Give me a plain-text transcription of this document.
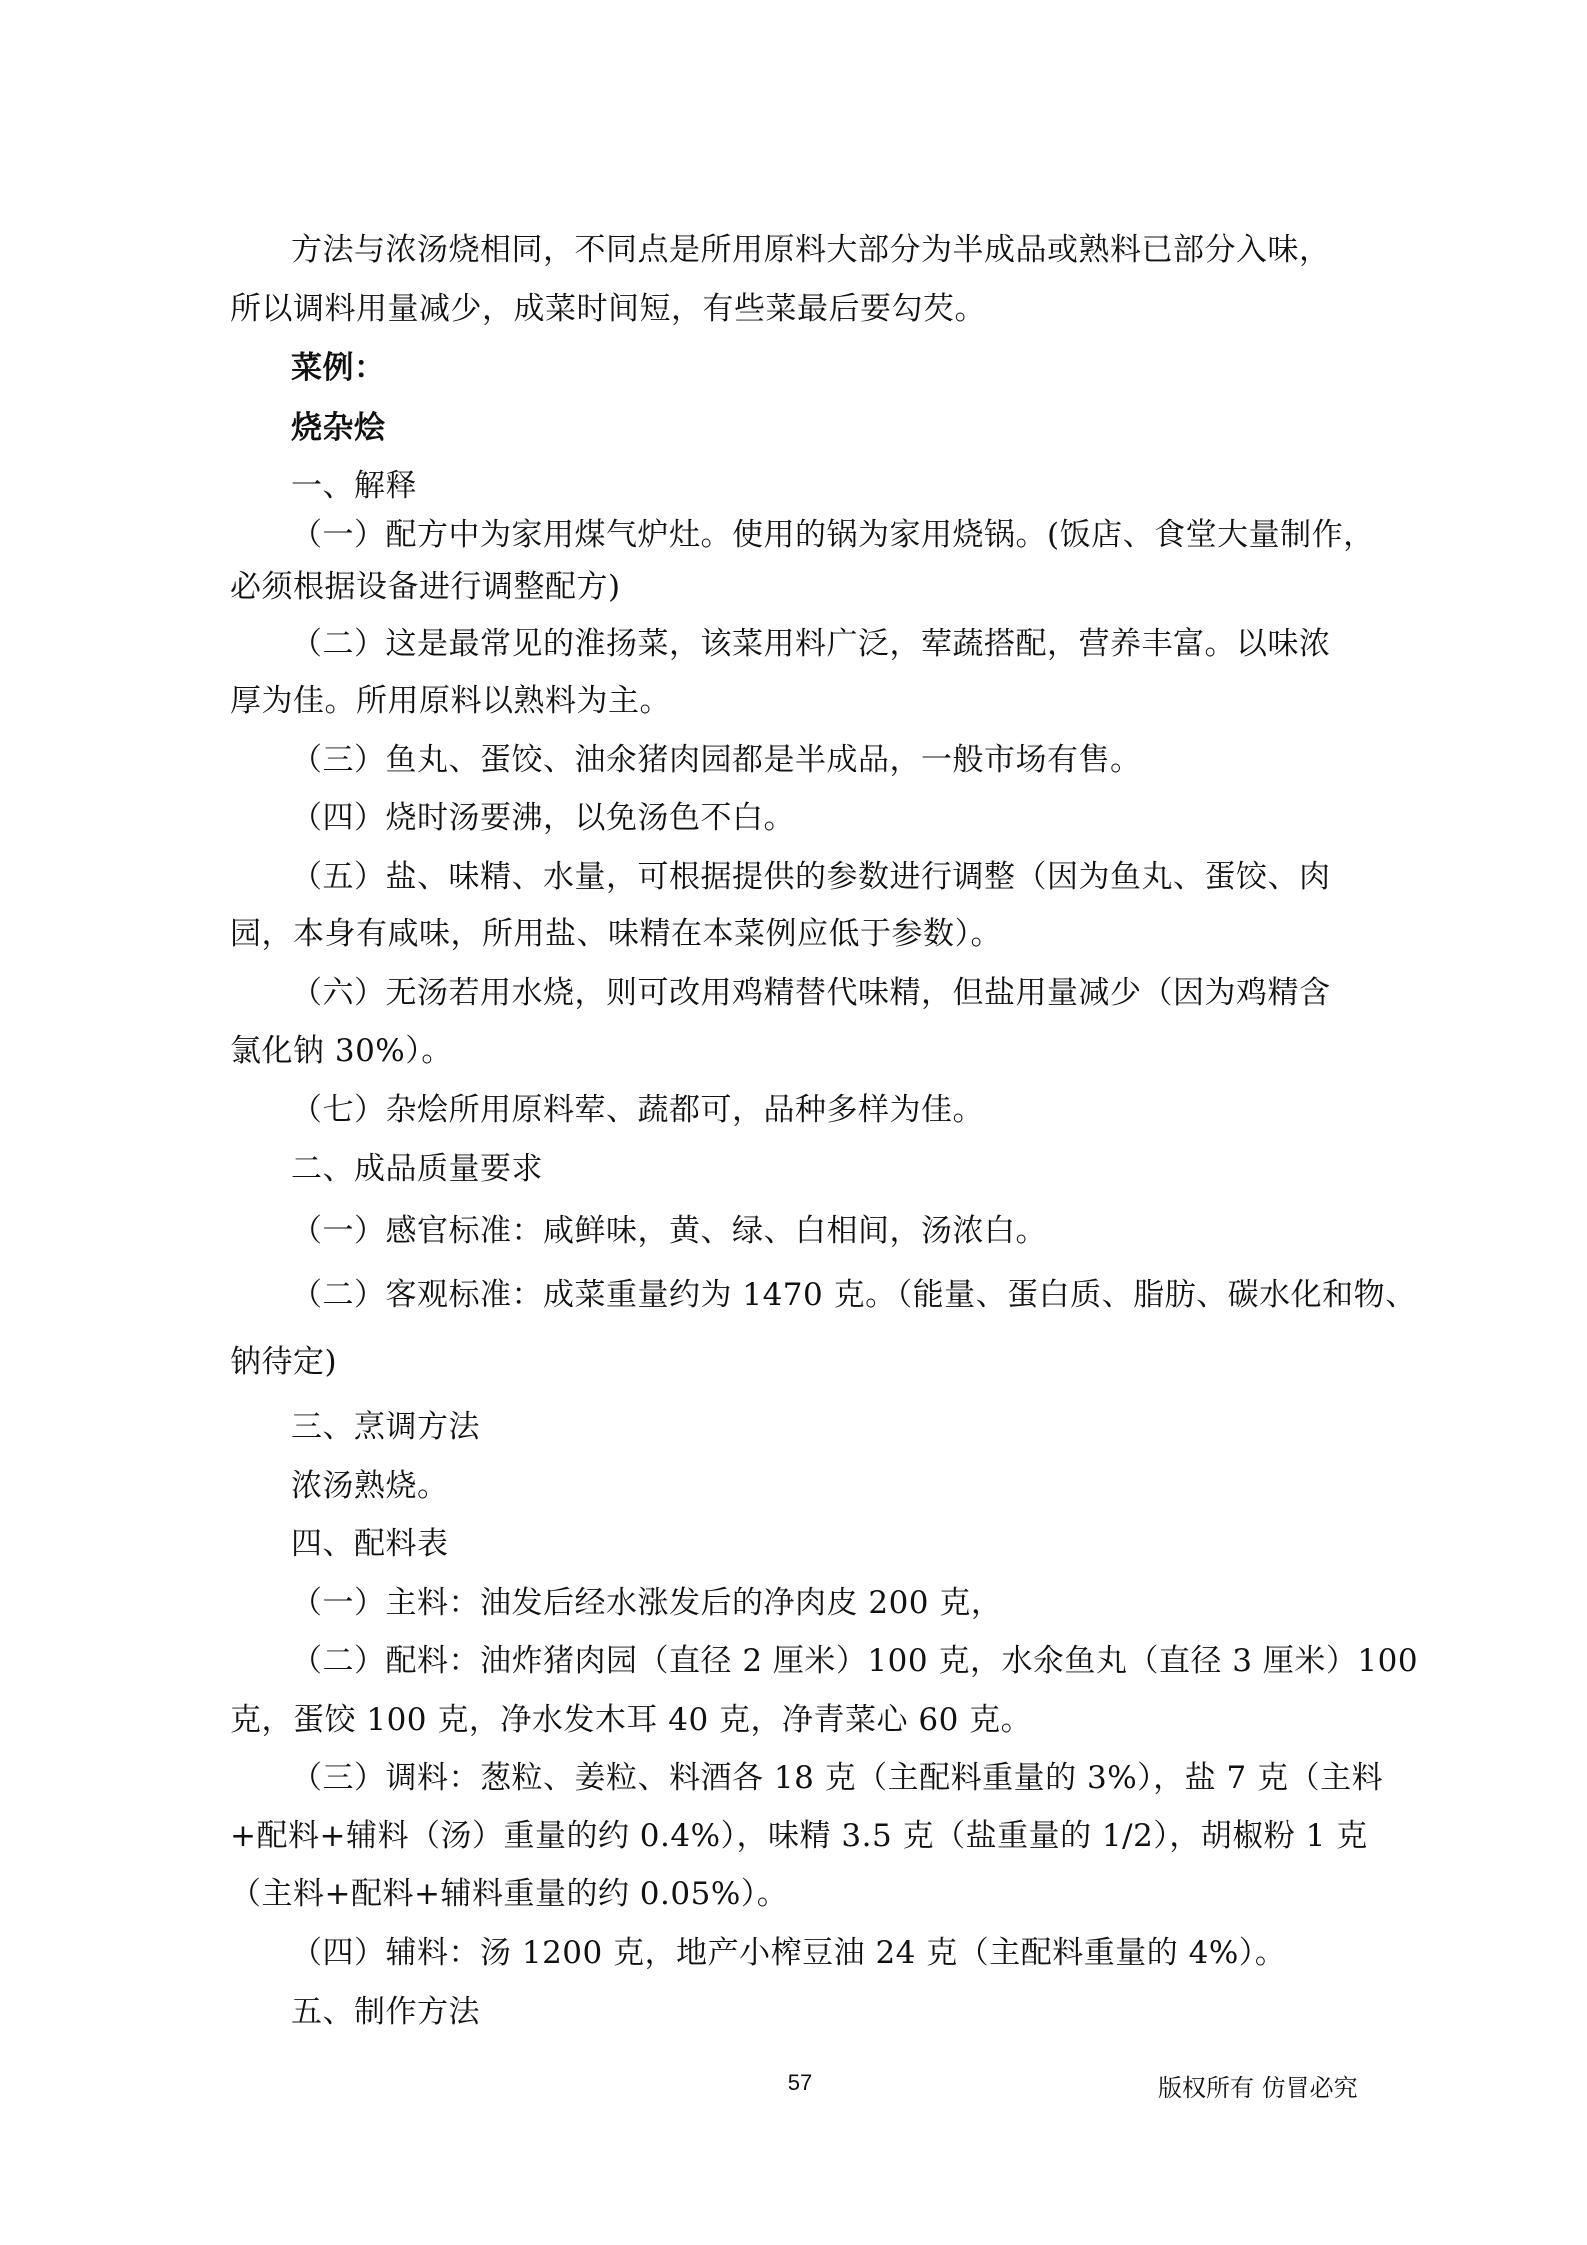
方法与浓汤烧相同，不同点是所用原料大部分为半成品或熟料已部分入味，
所以调料用量减少，成菜时间短，有些菜最后要勾芡。
菜例：
烧杂烩
一、解释
（一）配方中为家用煤气炉灶。使用的锅为家用烧锅。(饭店、食堂大量制作，
必须根据设备进行调整配方)
（二）这是最常见的淮扬菜，该菜用料广泛，荤蔬搭配，营养丰富。以味浓
厚为佳。所用原料以熟料为主。
（三）鱼丸、蛋饺、油氽猪肉园都是半成品，一般市场有售。
（四）烧时汤要沸，以免汤色不白。
（五）盐、味精、水量，可根据提供的参数进行调整（因为鱼丸、蛋饺、肉
园，本身有咸味，所用盐、味精在本菜例应低于参数）。
（六）无汤若用水烧，则可改用鸡精替代味精，但盐用量减少（因为鸡精含
氯化钠 30%）。
（七）杂烩所用原料荤、蔬都可，品种多样为佳。
二、成品质量要求
（一）感官标准：咸鲜味，黄、绿、白相间，汤浓白。
（二）客观标准：成菜重量约为 1470 克。（能量、蛋白质、脂肪、碳水化和物、
钠待定)
三、烹调方法
浓汤熟烧。
四、配料表
（一）主料：油发后经水涨发后的净肉皮 200 克，
（二）配料：油炸猪肉园（直径 2 厘米）100 克，水氽鱼丸（直径 3 厘米）100
克，蛋饺 100 克，净水发木耳 40 克，净青菜心 60 克。
（三）调料：葱粒、姜粒、料酒各 18 克（主配料重量的 3%），盐 7 克（主料
+配料+辅料（汤）重量的约 0.4%），味精 3.5 克（盐重量的 1/2），胡椒粉 1 克
（主料+配料+辅料重量的约 0.05%）。
（四）辅料：汤 1200 克，地产小榨豆油 24 克（主配料重量的 4%）。
五、制作方法
57	版权所有 仿冒必究
